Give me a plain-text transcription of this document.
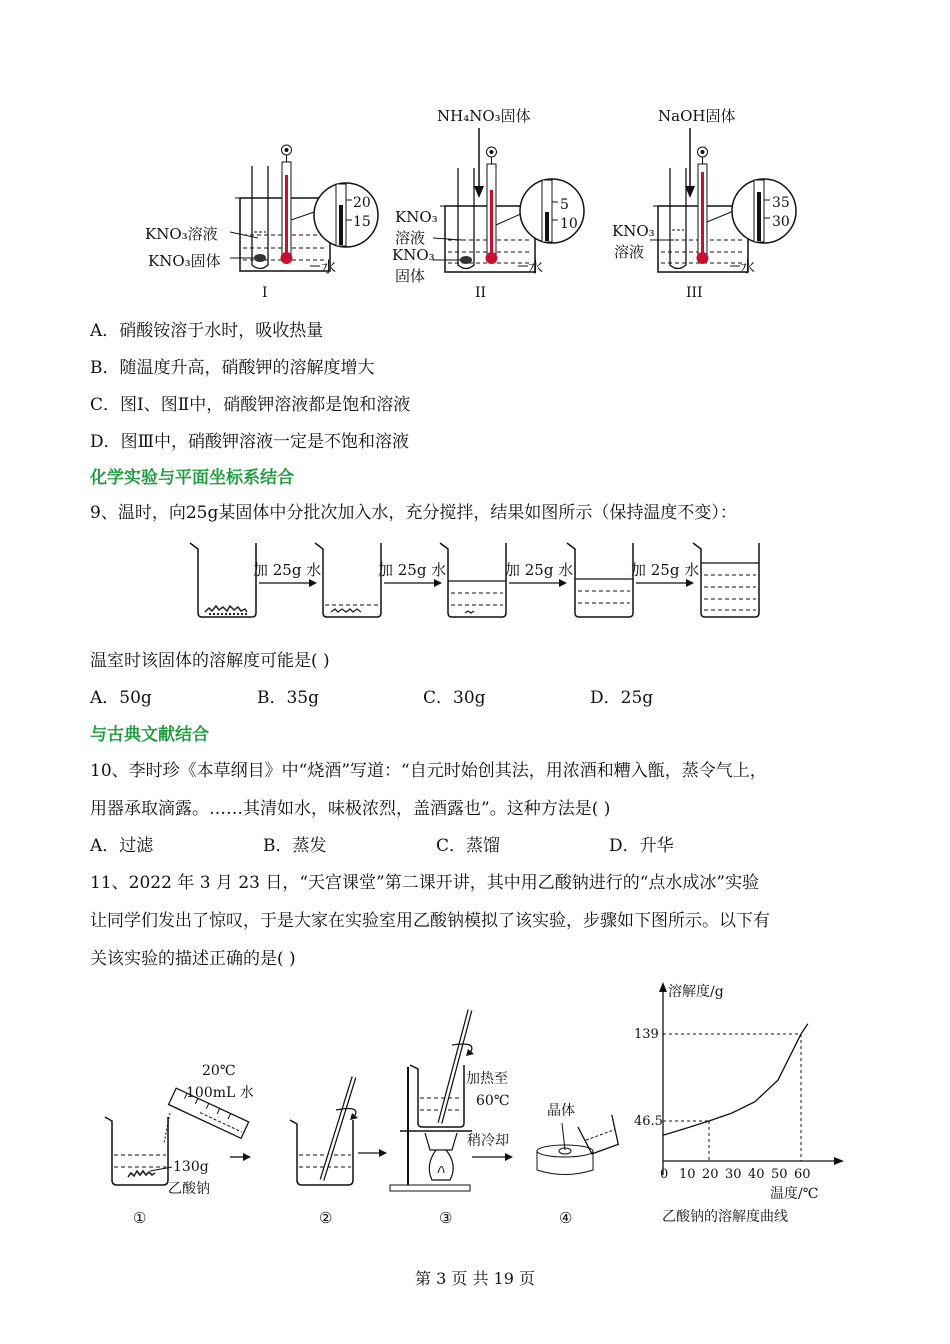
20
15
KNO₃溶液
KNO₃固体	水
I
NH₄NO₃固体
5
10
KNO₃
溶液
KNO₃
固体	水
II
NaOH固体
35
30
KNO₃
溶液
水
III
A．硝酸铵溶于水时，吸收热量
B．随温度升高，硝酸钾的溶解度增大
C．图Ⅰ、图Ⅱ中，硝酸钾溶液都是饱和溶液
D．图Ⅲ中，硝酸钾溶液一定是不饱和溶液
化学实验与平面坐标系结合
9、温时，向25g某固体中分批次加入水，充分搅拌，结果如图所示（保持温度不变）：
加 25g 水	加 25g 水	加 25g 水	加 25g 水
温室时该固体的溶解度可能是( )
A．50g	B．35g	C．30g	D．25g
与古典文献结合
10、李时珍《本草纲目》中“烧酒”写道：“自元时始创其法，用浓酒和糟入甑，蒸令气上，
用器承取滴露。……其清如水，味极浓烈，盖酒露也”。这种方法是( )
A．过滤	B．蒸发	C．蒸馏	D．升华
11、2022 年 3 月 23 日，“天宫课堂”第二课开讲，其中用乙酸钠进行的“点水成冰”实验
让同学们发出了惊叹，于是大家在实验室用乙酸钠模拟了该实验，步骤如下图所示。以下有
关该实验的描述正确的是( )
20℃
100mL 水
130g
乙酸钠
①	②
加热至
60℃
稍冷却
③
晶体
④
溶解度/g
温度/℃
乙酸钠的溶解度曲线
0 10 20 30 40 50 60
46.5
139
第 3 页 共 19 页
